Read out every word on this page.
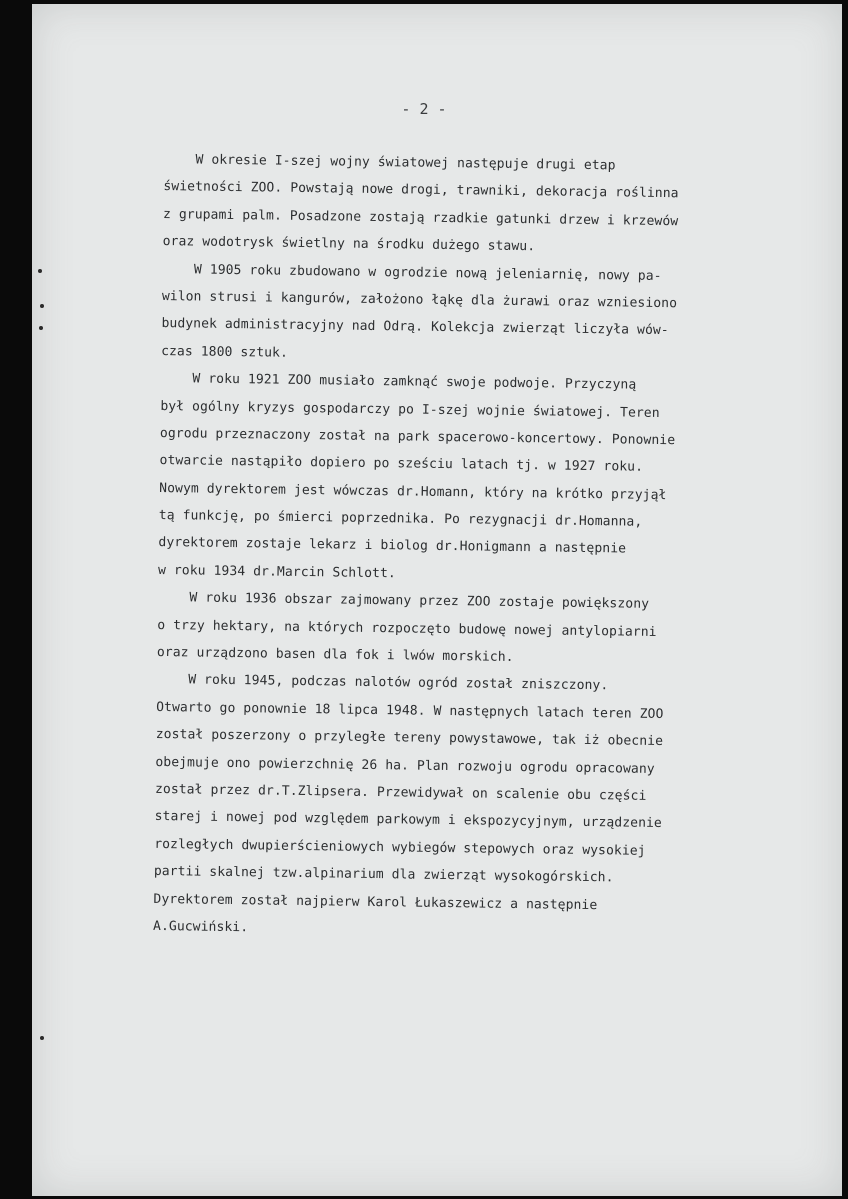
- 2 -
W okresie I-szej wojny światowej następuje drugi etap
świetności ZOO. Powstają nowe drogi, trawniki, dekoracja roślinna
z grupami palm. Posadzone zostają rzadkie gatunki drzew i krzewów
oraz wodotrysk świetlny na środku dużego stawu.
W 1905 roku zbudowano w ogrodzie nową jeleniarnię, nowy pa-
wilon strusi i kangurów, założono łąkę dla żurawi oraz wzniesiono
budynek administracyjny nad Odrą. Kolekcja zwierząt liczyła wów-
czas 1800 sztuk.
W roku 1921 ZOO musiało zamknąć swoje podwoje. Przyczyną
był ogólny kryzys gospodarczy po I-szej wojnie światowej. Teren
ogrodu przeznaczony został na park spacerowo-koncertowy. Ponownie
otwarcie nastąpiło dopiero po sześciu latach tj. w 1927 roku.
Nowym dyrektorem jest wówczas dr.Homann, który na krótko przyjął
tą funkcję, po śmierci poprzednika. Po rezygnacji dr.Homanna,
dyrektorem zostaje lekarz i biolog dr.Honigmann a następnie
w roku 1934 dr.Marcin Schlott.
W roku 1936 obszar zajmowany przez ZOO zostaje powiększony
o trzy hektary, na których rozpoczęto budowę nowej antylopiarni
oraz urządzono basen dla fok i lwów morskich.
W roku 1945, podczas nalotów ogród został zniszczony.
Otwarto go ponownie 18 lipca 1948. W następnych latach teren ZOO
został poszerzony o przyległe tereny powystawowe, tak iż obecnie
obejmuje ono powierzchnię 26 ha. Plan rozwoju ogrodu opracowany
został przez dr.T.Zlipsera. Przewidywał on scalenie obu części
starej i nowej pod względem parkowym i ekspozycyjnym, urządzenie
rozległych dwupierścieniowych wybiegów stepowych oraz wysokiej
partii skalnej tzw.alpinarium dla zwierząt wysokogórskich.
Dyrektorem został najpierw Karol Łukaszewicz a następnie
A.Gucwiński.
